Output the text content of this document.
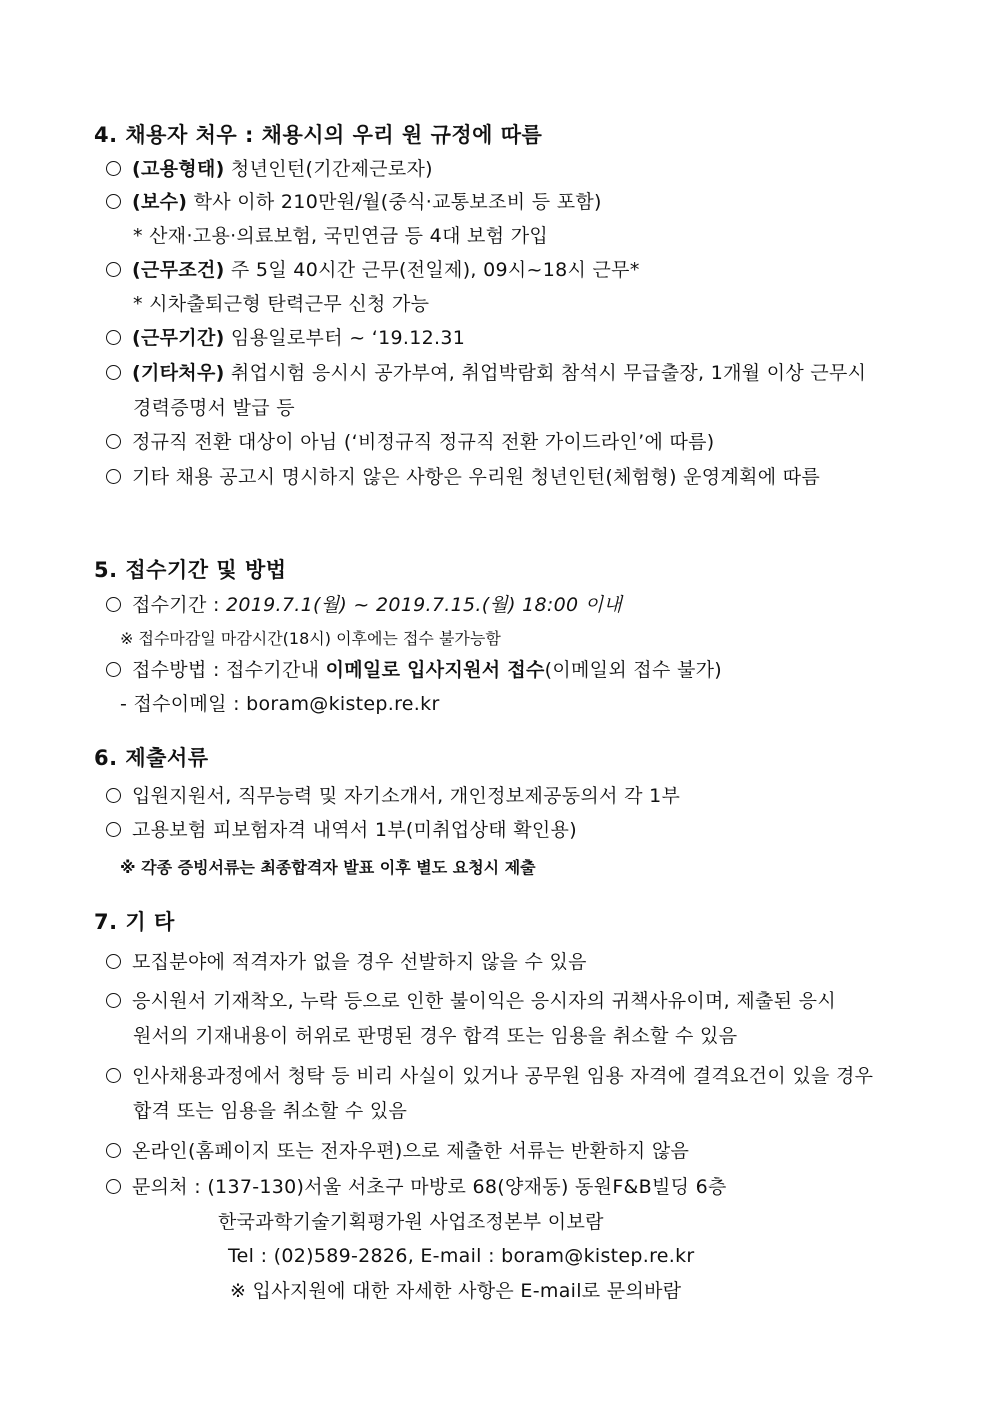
4. 채용자 처우 : 채용시의 우리 원 규정에 따름
(고용형태) 청년인턴(기간제근로자)
(보수) 학사 이하 210만원/월(중식·교통보조비 등 포함)
* 산재·고용·의료보험, 국민연금 등 4대 보험 가입
(근무조건) 주 5일 40시간 근무(전일제), 09시~18시 근무*
* 시차출퇴근형 탄력근무 신청 가능
(근무기간) 임용일로부터 ~ ‘19.12.31
(기타처우) 취업시험 응시시 공가부여, 취업박람회 참석시 무급출장, 1개월 이상 근무시
경력증명서 발급 등
정규직 전환 대상이 아님 (‘비정규직 정규직 전환 가이드라인’에 따름)
기타 채용 공고시 명시하지 않은 사항은 우리원 청년인턴(체험형) 운영계획에 따름
5. 접수기간 및 방법
접수기간 : 2019.7.1(월) ~ 2019.7.15.(월) 18:00 이내
※ 접수마감일 마감시간(18시) 이후에는 접수 불가능함
접수방법 : 접수기간내 이메일로 입사지원서 접수(이메일외 접수 불가)
- 접수이메일 : boram@kistep.re.kr
6. 제출서류
입원지원서, 직무능력 및 자기소개서, 개인정보제공동의서 각 1부
고용보험 피보험자격 내역서 1부(미취업상태 확인용)
※ 각종 증빙서류는 최종합격자 발표 이후 별도 요청시 제출
7. 기 타
모집분야에 적격자가 없을 경우 선발하지 않을 수 있음
응시원서 기재착오, 누락 등으로 인한 불이익은 응시자의 귀책사유이며, 제출된 응시
원서의 기재내용이 허위로 판명된 경우 합격 또는 임용을 취소할 수 있음
인사채용과정에서 청탁 등 비리 사실이 있거나 공무원 임용 자격에 결격요건이 있을 경우
합격 또는 임용을 취소할 수 있음
온라인(홈페이지 또는 전자우편)으로 제출한 서류는 반환하지 않음
문의처 : (137-130)서울 서초구 마방로 68(양재동) 동원F&B빌딩 6층
한국과학기술기획평가원 사업조정본부 이보람
Tel : (02)589-2826, E-mail : boram@kistep.re.kr
※ 입사지원에 대한 자세한 사항은 E-mail로 문의바람
